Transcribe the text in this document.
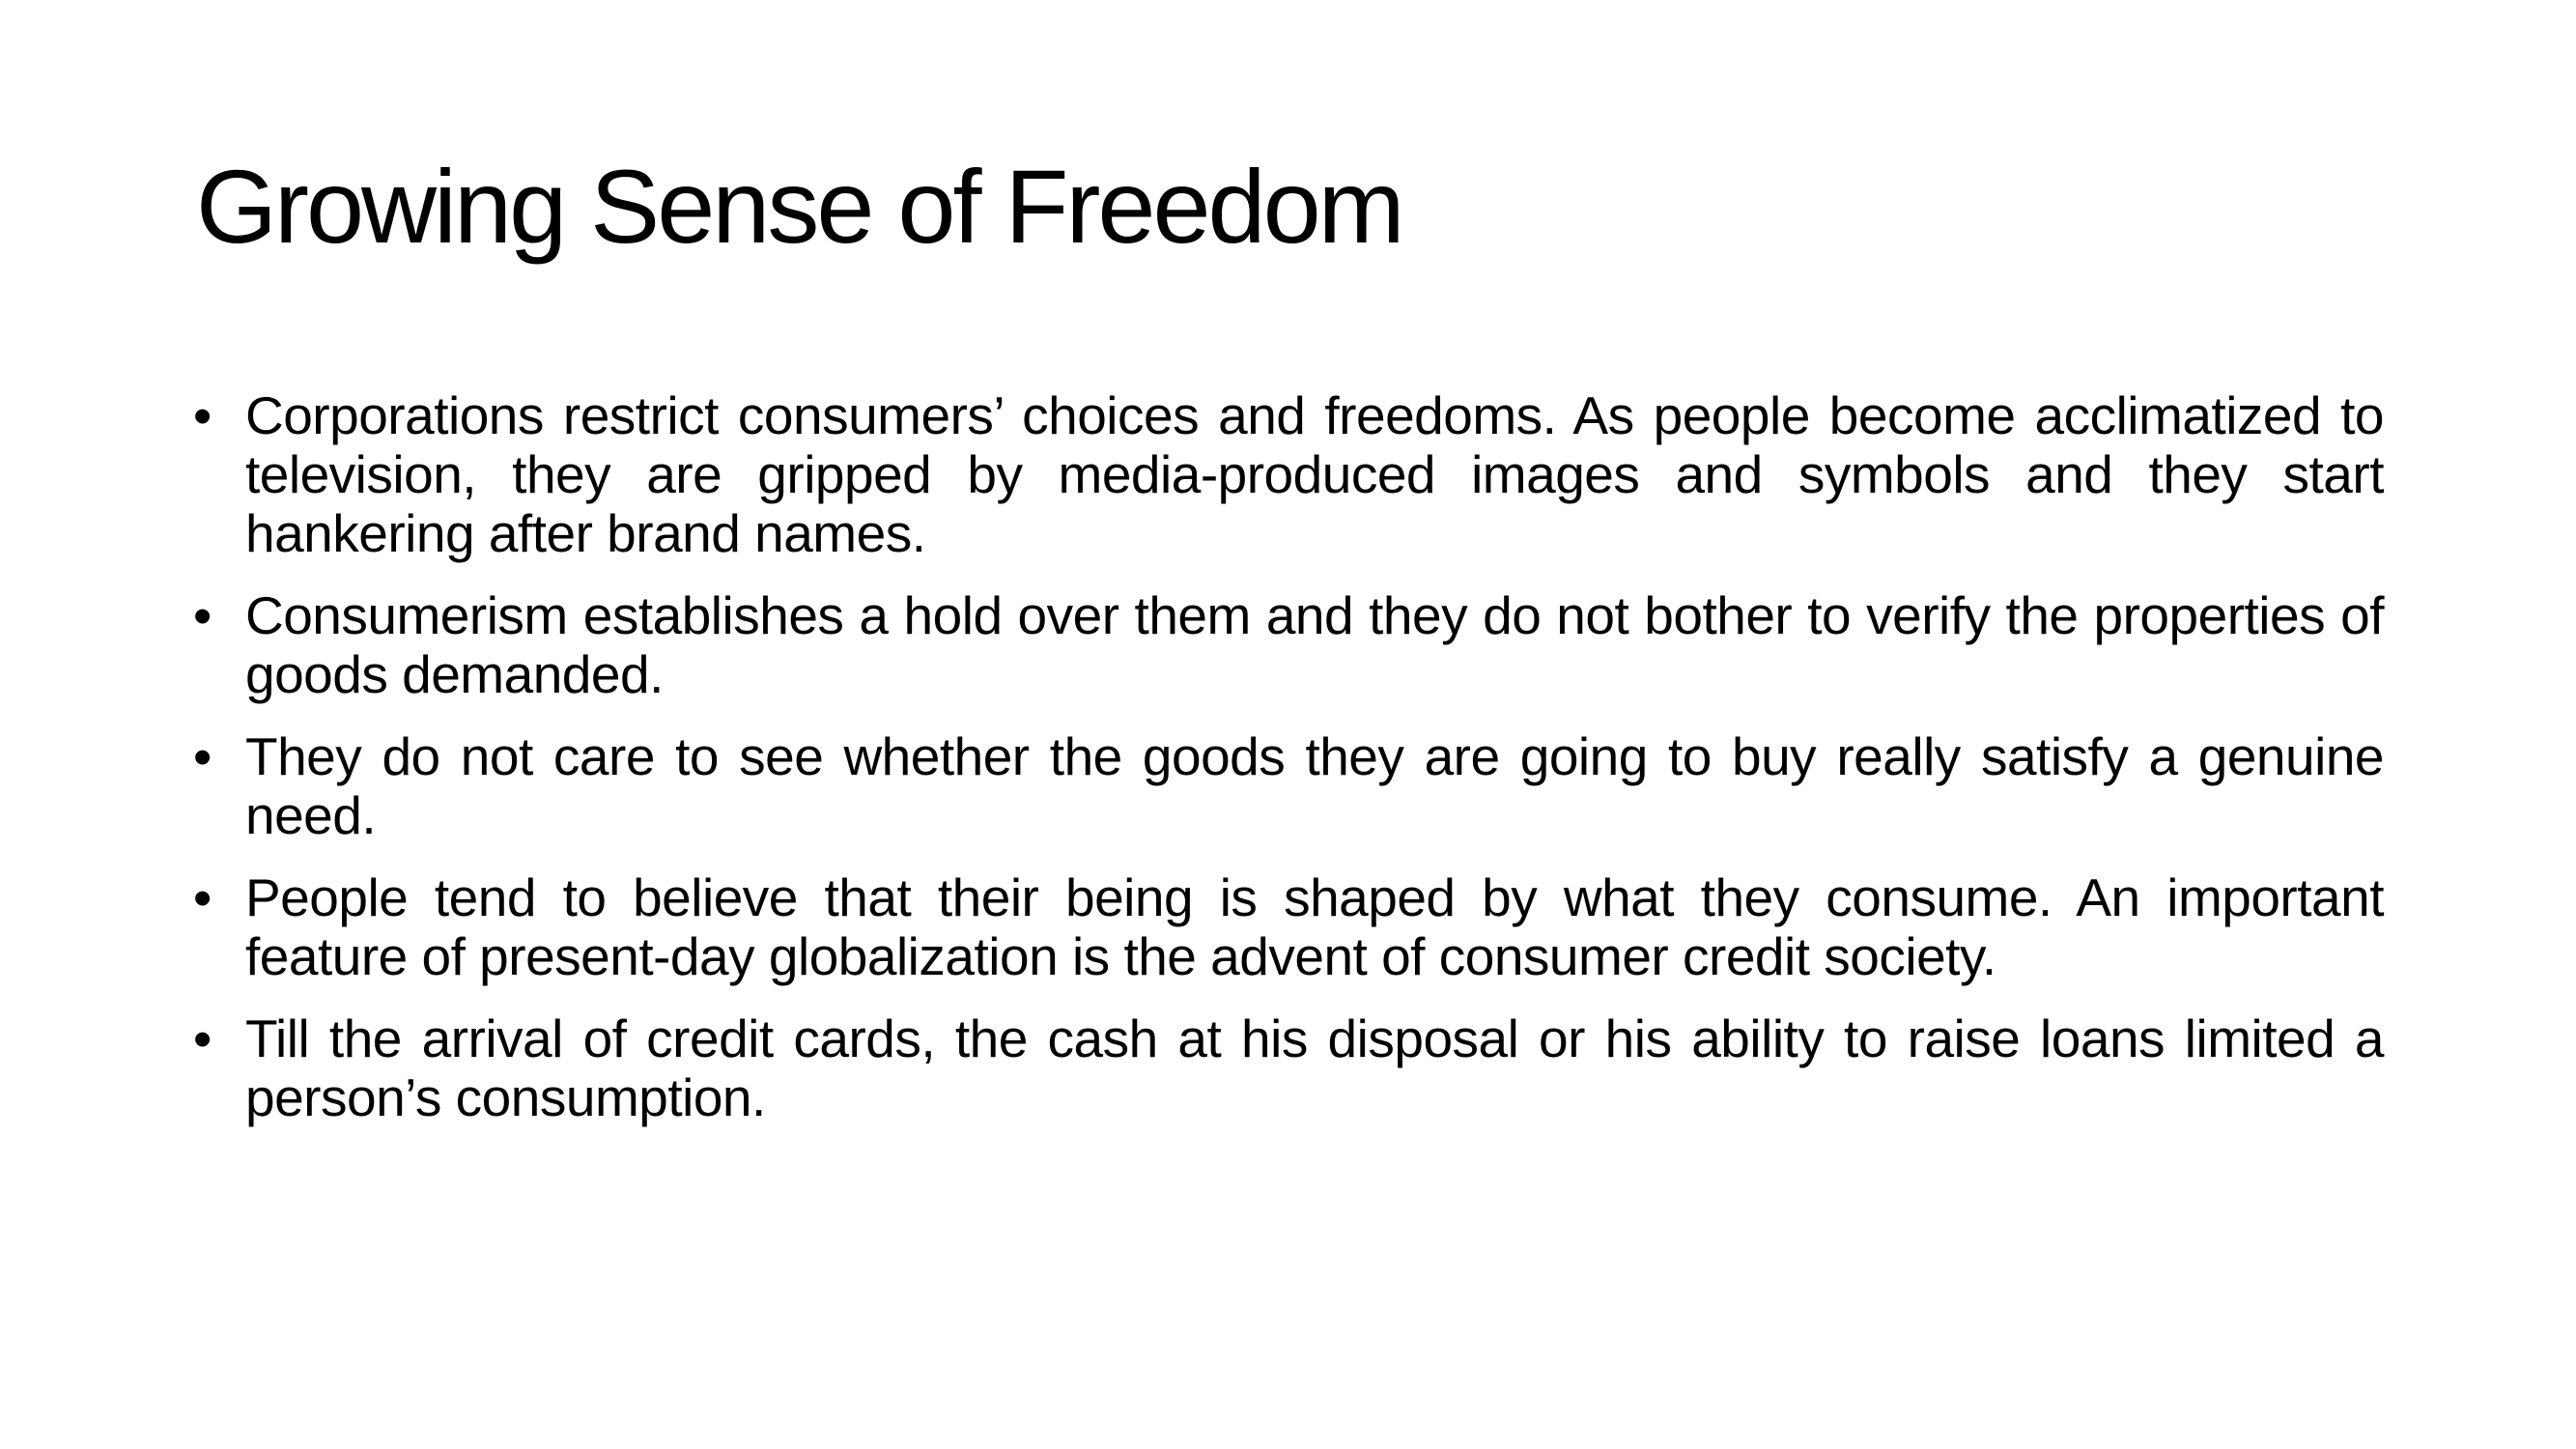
Growing Sense of Freedom
• Corporations restrict consumers’ choices and freedoms. As people become acclimatized to television, they are gripped by media-produced images and symbols and they start hankering after brand names.
• Consumerism establishes a hold over them and they do not bother to verify the properties of goods demanded.
• They do not care to see whether the goods they are going to buy really satisfy a genuine need.
• People tend to believe that their being is shaped by what they consume. An important feature of present-day globalization is the advent of consumer credit society.
• Till the arrival of credit cards, the cash at his disposal or his ability to raise loans limited a person’s consumption.
